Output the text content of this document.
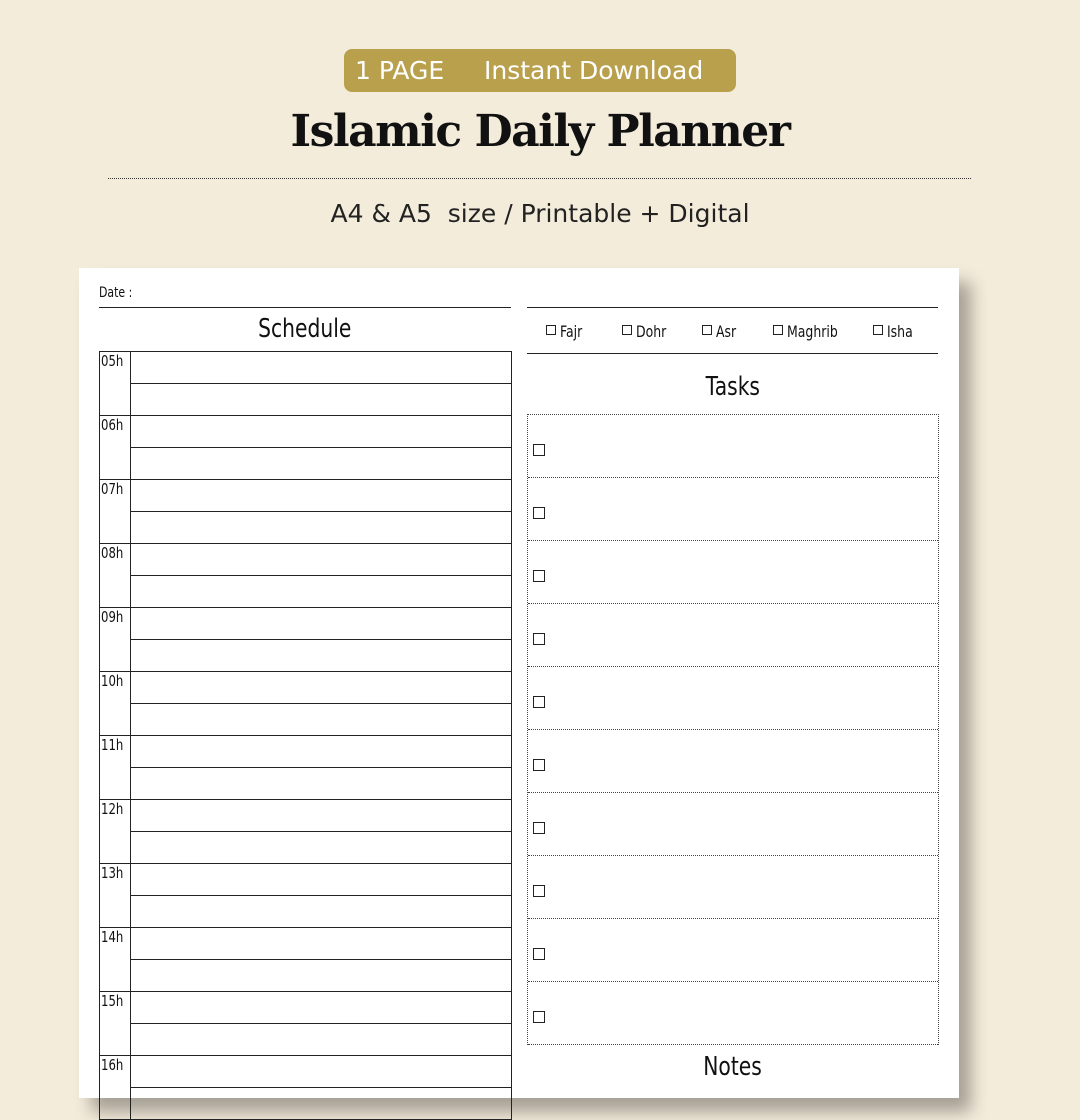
1 PAGE Instant Download
Islamic Daily Planner
A4 & A5  size / Printable + Digital
Date :
Schedule
05h
06h
07h
08h
09h
10h
11h
12h
13h
14h
15h
16h
Fajr	Dohr	Asr	Maghrib	Isha
Tasks
Notes
